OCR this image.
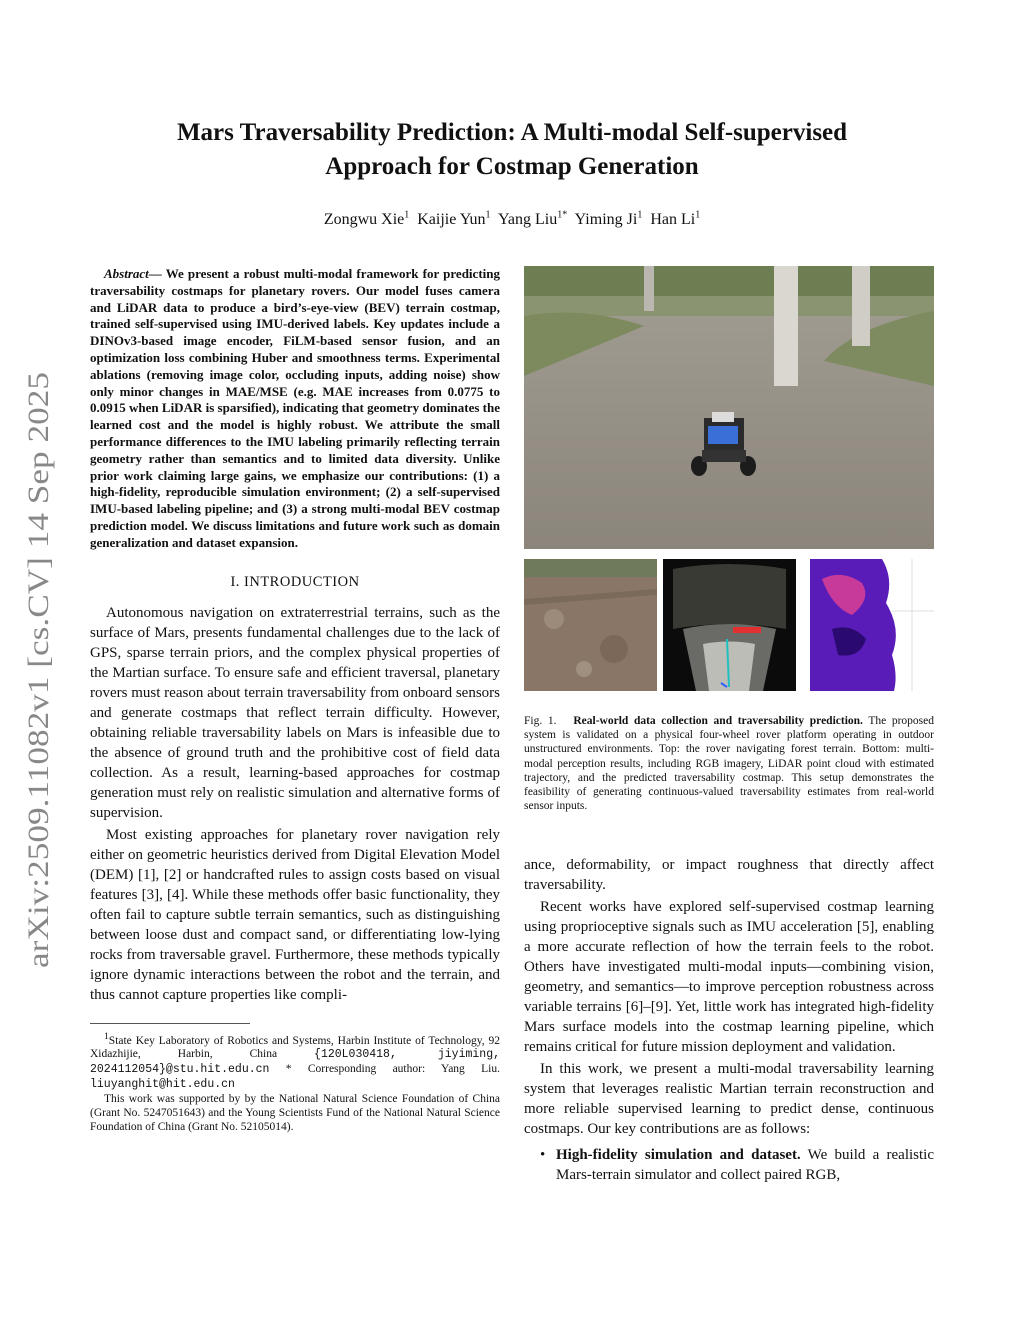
arXiv:2509.11082v1 [cs.CV] 14 Sep 2025
Mars Traversability Prediction: A Multi-modal Self-supervised
Approach for Costmap Generation
Zongwu Xie$^1$ Kaijie Yun$^1$ Yang Liu$^{1*}$ Yiming Ji$^1$ Han Li$^1$

Abstract— We present a robust multi-modal framework for predicting traversability costmaps for planetary rovers. Our model fuses camera and LiDAR data to produce a bird’s-eye-view (BEV) terrain costmap, trained self-supervised using IMU-derived labels. Key updates include a DINOv3-based image encoder, FiLM-based sensor fusion, and an optimization loss combining Huber and smoothness terms. Experimental ablations (removing image color, occluding inputs, adding noise) show only minor changes in MAE/MSE (e.g. MAE increases from 0.0775 to 0.0915 when LiDAR is sparsified), indicating that geometry dominates the learned cost and the model is highly robust. We attribute the small performance differences to the IMU labeling primarily reflecting terrain geometry rather than semantics and to limited data diversity. Unlike prior work claiming large gains, we emphasize our contributions: (1) a high-fidelity, reproducible simulation environment; (2) a self-supervised IMU-based labeling pipeline; and (3) a strong multi-modal BEV costmap prediction model. We discuss limitations and future work such as domain generalization and dataset expansion.

I. INTRODUCTION

Autonomous navigation on extraterrestrial terrains, such as the surface of Mars, presents fundamental challenges due to the lack of GPS, sparse terrain priors, and the complex physical properties of the Martian surface. To ensure safe and efficient traversal, planetary rovers must reason about terrain traversability from onboard sensors and generate costmaps that reflect terrain difficulty. However, obtaining reliable traversability labels on Mars is infeasible due to the absence of ground truth and the prohibitive cost of field data collection. As a result, learning-based approaches for costmap generation must rely on realistic simulation and alternative forms of supervision.

Most existing approaches for planetary rover navigation rely either on geometric heuristics derived from Digital Elevation Model (DEM) [1], [2] or handcrafted rules to assign costs based on visual features [3], [4]. While these methods offer basic functionality, they often fail to capture subtle terrain semantics, such as distinguishing between loose dust and compact sand, or differentiating low-lying rocks from traversable gravel. Furthermore, these methods typically ignore dynamic interactions between the robot and the terrain, and thus cannot capture properties like compli-

$^1$State Key Laboratory of Robotics and Systems, Harbin Institute of Technology, 92 Xidazhijie, Harbin, China {120L030418, jiyiming, 2024112054}@stu.hit.edu.cn * Corresponding author: Yang Liu. liuyanghit@hit.edu.cn

This work was supported by by the National Natural Science Foundation of China (Grant No. 5247051643) and the Young Scientists Fund of the National Natural Science Foundation of China (Grant No. 52105014).

Fig. 1. Real-world data collection and traversability prediction. The proposed system is validated on a physical four-wheel rover platform operating in outdoor unstructured environments. Top: the rover navigating forest terrain. Bottom: multi-modal perception results, including RGB imagery, LiDAR point cloud with estimated trajectory, and the predicted traversability costmap. This setup demonstrates the feasibility of generating continuous-valued traversability estimates from real-world sensor inputs.

ance, deformability, or impact roughness that directly affect traversability.

Recent works have explored self-supervised costmap learning using proprioceptive signals such as IMU acceleration [5], enabling a more accurate reflection of how the terrain feels to the robot. Others have investigated multi-modal inputs—combining vision, geometry, and semantics—to improve perception robustness across variable terrains [6]–[9]. Yet, little work has integrated high-fidelity Mars surface models into the costmap learning pipeline, which remains critical for future mission deployment and validation.

In this work, we present a multi-modal traversability learning system that leverages realistic Martian terrain reconstruction and more reliable supervised learning to predict dense, continuous costmaps. Our key contributions are as follows:

• High-fidelity simulation and dataset. We build a realistic Mars-terrain simulator and collect paired RGB,
